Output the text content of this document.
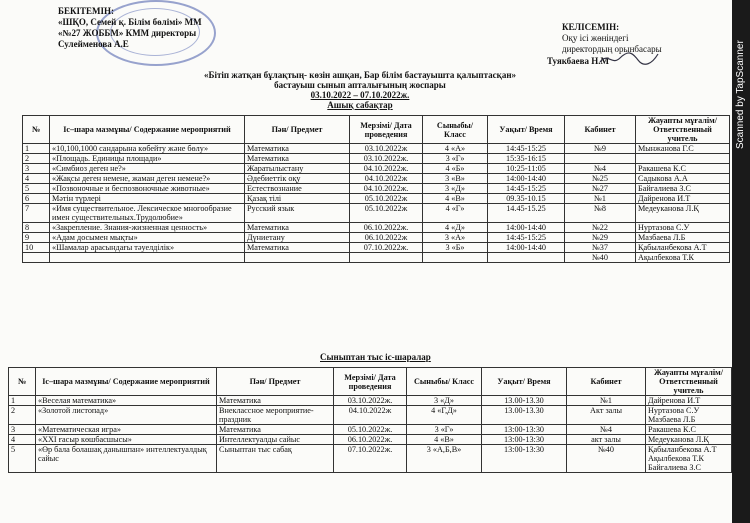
БЕКІТЕМІН:
«ШҚО, Семей қ. Білім бөлімі» ММ
«№27 ЖОББМ» КММ директоры
Сулейменова А.Е
КЕЛІСЕМІН:
Оқу ісі жөніндегі
директордың орынбасары
Туякбаева Н.М
«Бітіп жатқан бұлақтың- көзін ашқан, Бар білім бастауышта қалыптасқан»
бастауыш сынып апталығының жоспары
03.10.2022 – 07.10.2022ж.
Ашық сабақтар
№	Іс–шара мазмұны/ Содержание мероприятий	Пән/ Предмет	Мерзімі/ Дата проведения	Сыныбы/ Класс	Уақыт/ Время	Кабинет	Жауапты мұғалім/ Ответственный учитель
1	«10,100,1000 сандарына көбейту және бөлу»	Математика	03.10.2022ж	4 «А»	14:45-15:25	№9	Мынжанова Г.С
2	«Площадь. Единицы площади»	Математика	03.10.2022ж.	3 «Г»	15:35-16:15		
3	«Симбиоз деген не?»	Жаратылыстану	04.10.2022ж.	4 «Б»	10:25-11:05	№4	Ракашева К.С
4	«Жақсы деген немене, жаман деген немене?»	Әдебиеттік оқу	04.10.2022ж	3 «В»	14:00-14:40	№25	Садыкова А.А
5	«Позвоночные и беспозвоночные животные»	Естествознание	04.10.2022ж.	3 «Д»	14:45-15:25	№27	Байгалиева З.С
6	Мәтін түрлері	Қазақ тілі	05.10.2022ж	4 «В»	09.35-10.15	№1	Дайренова И.Т
7	«Имя существительное. Лексическое многообразие имен существительных.Трудолюбие»	Русский язык	05.10.2022ж	4 «Г»	14.45-15.25	№8	Медеуканова Л.Қ
8	«Закрепление. Знания-жизненная ценность»	Математика	06.10.2022ж.	4 «Д»	14:00-14:40	№22	Нуртазова С.У
9	«Адам досымен мықты»	Дүниетану	06.10.2022ж	3 «А»	14:45-15:25	№29	Мазбаева Л.Б
10	«Шамалар арасындағы тәуелділік»	Математика	07.10.2022ж.	3 «Б»	14:00-14:40	№37	Қабыланбекова А.Т
						№40	Ақылбекова Т.К
Сыныптан тыс іс-шаралар
№	Іс–шара мазмұны/ Содержание мероприятий	Пән/ Предмет	Мерзімі/ Дата проведения	Сыныбы/ Класс	Уақыт/ Время	Кабинет	Жауапты мұғалім/ Ответственный учитель
1	«Веселая математика»	Математика	03.10.2022ж.	3 «Д»	13.00-13.30	№1	Дайренова И.Т
2	«Золотой листопад»	Внеклассное мероприятие-праздник	04.10.2022ж	4 «Г,Д»	13.00-13.30	Акт залы	Нуртазова С.У Мазбаева Л.Б
3	«Математическая игра»	Математика	05.10.2022ж.	3 «Г»	13:00-13:30	№4	Ракашева К.С
4	«ХХІ ғасыр көшбасшысы»	Интеллектуалды сайыс	06.10.2022ж.	4 «В»	13:00-13:30	акт залы	Медеуканова Л.Қ
5	«Өр бала болашақ данышпан» интеллектуалдық сайыс	Сыныптан тыс сабақ	07.10.2022ж.	3 «А,Б,В»	13:00-13:30	№40	Қабыланбекова А.Т Ақылбекова Т.К Байгалиева З.С
Scanned by TapScanner
